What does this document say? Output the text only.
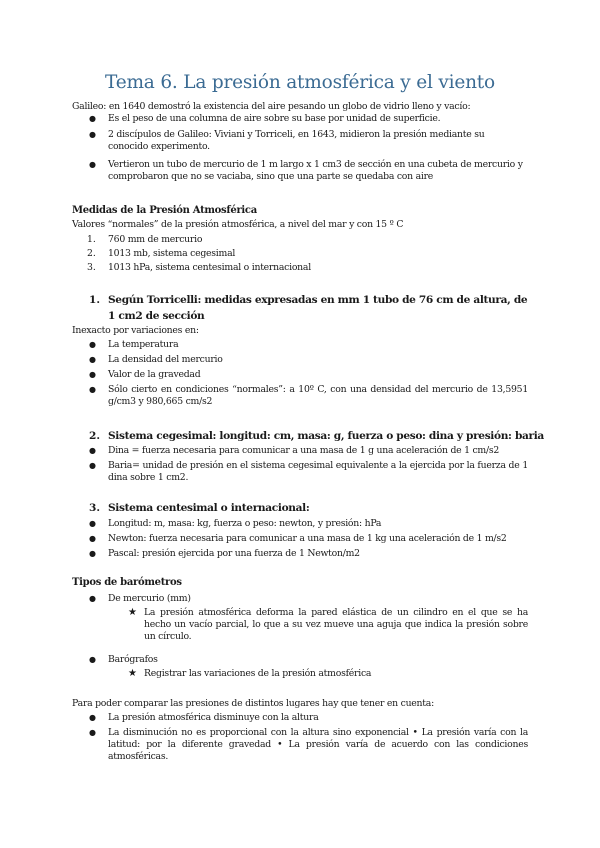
Tema 6. La presión atmosférica y el viento
Galileo: en 1640 demostró la existencia del aire pesando un globo de vidrio lleno y vacío:
●	Es el peso de una columna de aire sobre su base por unidad de superficie.
●	2 discípulos de Galileo: Viviani y Torriceli, en 1643, midieron la presión mediante su conocido experimento.
●	Vertieron un tubo de mercurio de 1 m largo x 1 cm3 de sección en una cubeta de mercurio y comprobaron que no se vaciaba, sino que una parte se quedaba con aire
Medidas de la Presión Atmosférica
Valores “normales” de la presión atmosférica, a nivel del mar y con 15 º C
1. 760 mm de mercurio
2. 1013 mb, sistema cegesimal
3. 1013 hPa, sistema centesimal o internacional
1. Según Torricelli: medidas expresadas en mm 1 tubo de 76 cm de altura, de 1 cm2 de sección
Inexacto por variaciones en:
●	La temperatura
●	La densidad del mercurio
●	Valor de la gravedad
●	Sólo cierto en condiciones “normales”: a 10º C, con una densidad del mercurio de 13,5951 g/cm3 y 980,665 cm/s2
2. Sistema cegesimal: longitud: cm, masa: g, fuerza o peso: dina y presión: baria
●	Dina = fuerza necesaria para comunicar a una masa de 1 g una aceleración de 1 cm/s2
●	Baria= unidad de presión en el sistema cegesimal equivalente a la ejercida por la fuerza de 1 dina sobre 1 cm2.
3. Sistema centesimal o internacional:
●	Longitud: m, masa: kg, fuerza o peso: newton, y presión: hPa
●	Newton: fuerza necesaria para comunicar a una masa de 1 kg una aceleración de 1 m/s2
●	Pascal: presión ejercida por una fuerza de 1 Newton/m2
Tipos de barómetros
●	De mercurio (mm)
★ La presión atmosférica deforma la pared elástica de un cilindro en el que se ha hecho un vacío parcial, lo que a su vez mueve una aguja que indica la presión sobre un círculo.
●	Barógrafos
★ Registrar las variaciones de la presión atmosférica
Para poder comparar las presiones de distintos lugares hay que tener en cuenta:
●	La presión atmosférica disminuye con la altura
●	La disminución no es proporcional con la altura sino exponencial • La presión varía con la latitud: por la diferente gravedad • La presión varía de acuerdo con las condiciones atmosféricas.
